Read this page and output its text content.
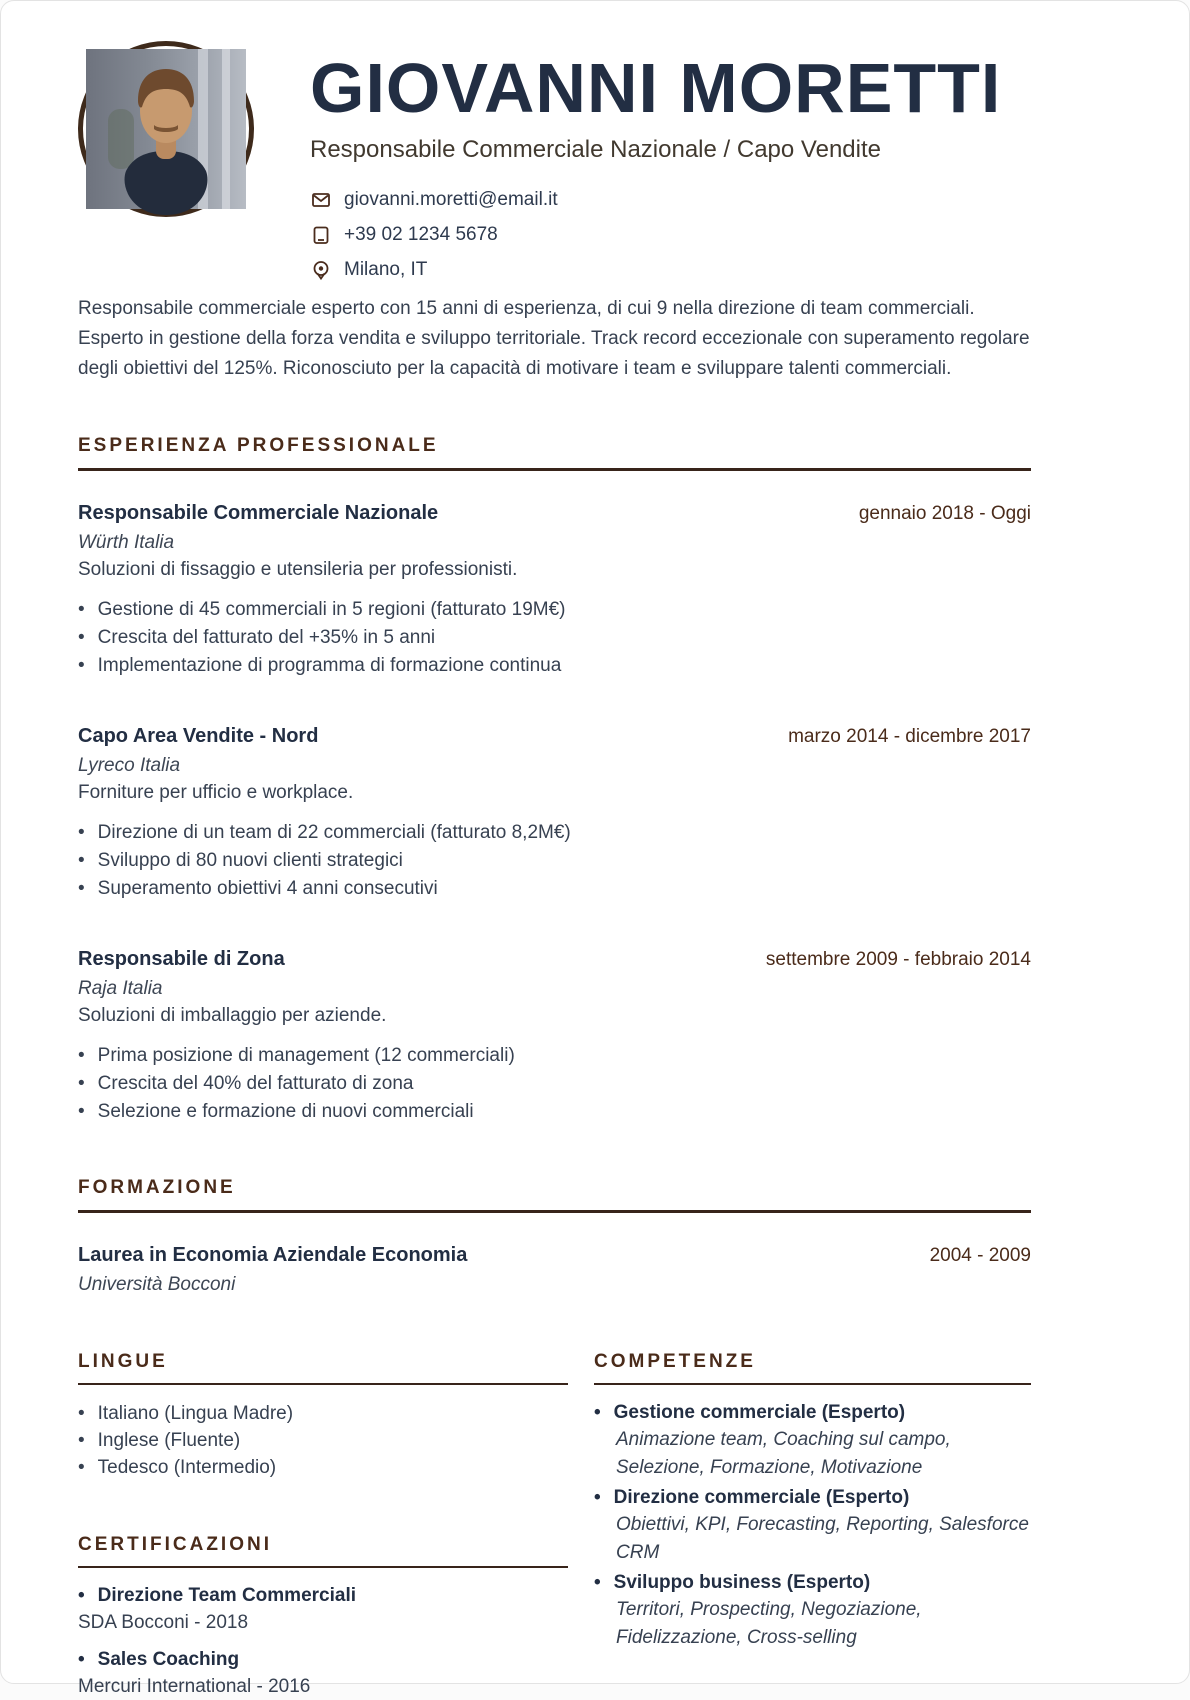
GIOVANNI MORETTI
Responsabile Commerciale Nazionale / Capo Vendite
giovanni.moretti@email.it
+39 02 1234 5678
Milano, IT
Responsabile commerciale esperto con 15 anni di esperienza, di cui 9 nella direzione di team commerciali. Esperto in gestione della forza vendita e sviluppo territoriale. Track record eccezionale con superamento regolare degli obiettivi del 125%. Riconosciuto per la capacità di motivare i team e sviluppare talenti commerciali.
ESPERIENZA PROFESSIONALE
Responsabile Commerciale Nazionale	gennaio 2018 - Oggi
Würth Italia
Soluzioni di fissaggio e utensileria per professionisti.
• Gestione di 45 commerciali in 5 regioni (fatturato 19M€)
• Crescita del fatturato del +35% in 5 anni
• Implementazione di programma di formazione continua
Capo Area Vendite - Nord	marzo 2014 - dicembre 2017
Lyreco Italia
Forniture per ufficio e workplace.
• Direzione di un team di 22 commerciali (fatturato 8,2M€)
• Sviluppo di 80 nuovi clienti strategici
• Superamento obiettivi 4 anni consecutivi
Responsabile di Zona	settembre 2009 - febbraio 2014
Raja Italia
Soluzioni di imballaggio per aziende.
• Prima posizione di management (12 commerciali)
• Crescita del 40% del fatturato di zona
• Selezione e formazione di nuovi commerciali
FORMAZIONE
Laurea in Economia Aziendale Economia	2004 - 2009
Università Bocconi
LINGUE
• Italiano (Lingua Madre)
• Inglese (Fluente)
• Tedesco (Intermedio)
CERTIFICAZIONI
• Direzione Team Commerciali
SDA Bocconi - 2018
• Sales Coaching
Mercuri International - 2016
COMPETENZE
• Gestione commerciale (Esperto)
Animazione team, Coaching sul campo, Selezione, Formazione, Motivazione
• Direzione commerciale (Esperto)
Obiettivi, KPI, Forecasting, Reporting, Salesforce CRM
• Sviluppo business (Esperto)
Territori, Prospecting, Negoziazione, Fidelizzazione, Cross-selling
